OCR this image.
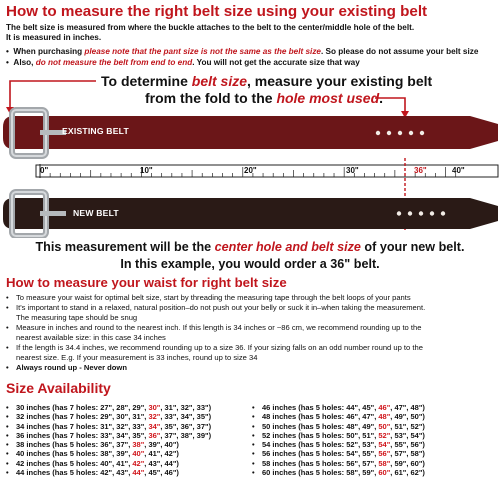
How to measure the right belt size using your existing belt
The belt size is measured from where the buckle attaches to the belt to the center/middle hole of the belt.
It is measured in inches.
•  When purchasing please note that the pant size is not the same as the belt size. So please do not assume your belt size
•  Also, do not measure the belt from end to end. You will not get the accurate size that way
To determine belt size, measure your existing belt
from the fold to the hole most used.
EXISTING BELT
NEW BELT
0"	10"	20"	30"	36"	40"
This measurement will be the center hole and belt size of your new belt.
In this example, you would order a 36" belt.
How to measure your waist for right belt size
• To measure your waist for optimal belt size, start by threading the measuring tape through the belt loops of your pants
• It's important to stand in a relaxed, natural position–do not push out your belly or suck it in–when taking the measurement.
The measuring tape should be snug
• Measure in inches and round to the nearest inch. If this length is 34 inches or ~86 cm, we recommend rounding up to the
nearest available size: in this case 34 inches
• If the length is 34.4 inches, we recommend rounding up to a size 36. If your sizing falls on an odd number round up to the
nearest size. E.g. If your measurement is 33 inches, round up to size 34
• Always round up - Never down
Size Availability
• 30 inches (has 7 holes: 27", 28", 29", 30", 31", 32", 33")
• 32 inches (has 7 holes: 29", 30", 31", 32", 33", 34", 35")
• 34 inches (has 7 holes: 31", 32", 33", 34", 35", 36", 37")
• 36 inches (has 7 holes: 33", 34", 35", 36", 37", 38", 39")
• 38 inches (has 5 holes: 36", 37", 38", 39", 40")
• 40 inches (has 5 holes: 38", 39", 40", 41", 42")
• 42 inches (has 5 holes: 40", 41", 42", 43", 44")
• 44 inches (has 5 holes: 42", 43", 44", 45", 46")
• 46 inches (has 5 holes: 44", 45", 46", 47", 48")
• 48 inches (has 5 holes: 46", 47", 48", 49", 50")
• 50 inches (has 5 holes: 48", 49", 50", 51", 52")
• 52 inches (has 5 holes: 50", 51", 52", 53", 54")
• 54 inches (has 5 holes: 52", 53", 54", 55", 56")
• 56 inches (has 5 holes: 54", 55", 56", 57", 58")
• 58 inches (has 5 holes: 56", 57", 58", 59", 60")
• 60 inches (has 5 holes: 58", 59", 60", 61", 62")
